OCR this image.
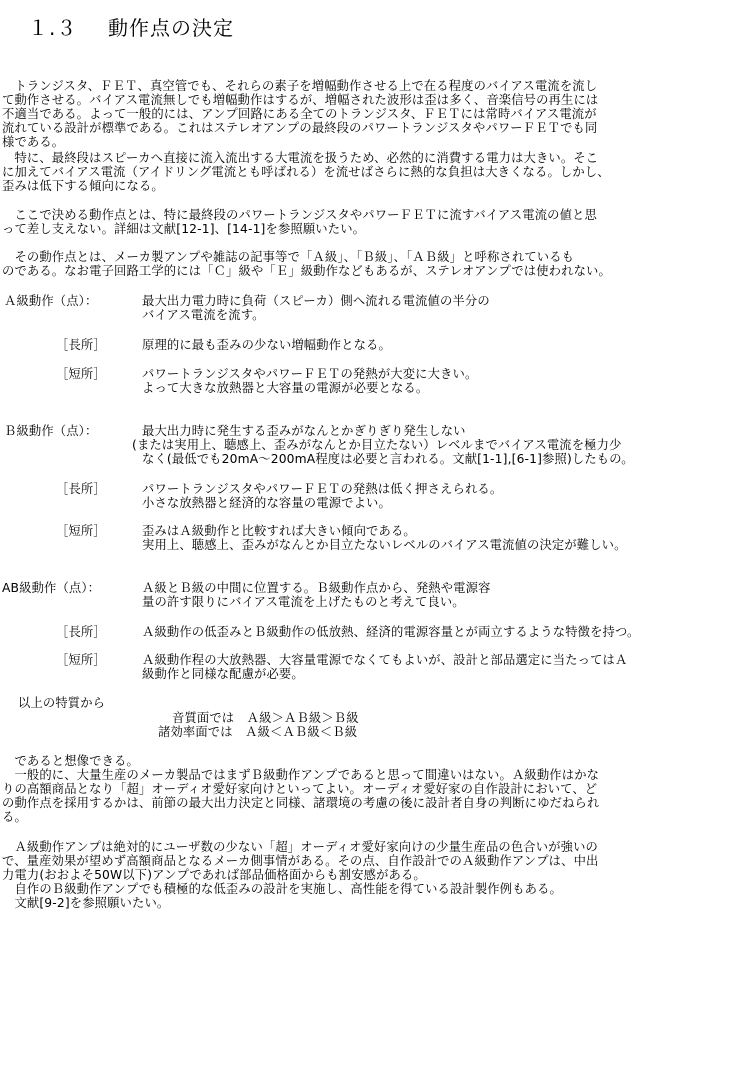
１.３ 動作点の決定
　トランジスタ、ＦＥＴ、真空管でも、それらの素子を増幅動作させる上で在る程度のバイアス電流を流し
て動作させる。バイアス電流無しでも増幅動作はするが、増幅された波形は歪は多く、音楽信号の再生には
不適当である。よって一般的には、アンプ回路にある全てのトランジスタ、ＦＥＴには常時バイアス電流が
流れている設計が標準である。これはステレオアンプの最終段のパワートランジスタやパワーＦＥＴでも同
様である。
　特に、最終段はスピーカへ直接に流入流出する大電流を扱うため、必然的に消費する電力は大きい。そこ
に加えてバイアス電流（アイドリング電流とも呼ばれる）を流せばさらに熱的な負担は大きくなる。しかし、
歪みは低下する傾向になる。
　ここで決める動作点とは、特に最終段のパワートランジスタやパワーＦＥＴに流すバイアス電流の値と思
って差し支えない。詳細は文献[12-1]、[14-1]を参照願いたい。
　その動作点とは、メーカ製アンプや雑誌の記事等で「Ａ級」、「Ｂ級」、「ＡＢ級」と呼称されているも
のである。なお電子回路工学的には「Ｃ」級や「Ｅ」級動作などもあるが、ステレオアンプでは使われない。
Ａ級動作（点）：	最大出力電力時に負荷（スピーカ）側へ流れる電流値の半分の
バイアス電流を流す。
［長所］	原理的に最も歪みの少ない増幅動作となる。
［短所］	パワートランジスタやパワーＦＥＴの発熱が大変に大きい。
よって大きな放熱器と大容量の電源が必要となる。
Ｂ級動作（点）：	最大出力時に発生する歪みがなんとかぎりぎり発生しない
(または実用上、聴感上、歪みがなんとか目立たない）レベルまでバイアス電流を極力少
なく(最低でも20mA～200mA程度は必要と言われる。文献[1-1],[6-1]参照)したもの。
［長所］	パワートランジスタやパワーＦＥＴの発熱は低く押さえられる。
小さな放熱器と経済的な容量の電源でよい。
［短所］	歪みはＡ級動作と比較すれば大きい傾向である。
実用上、聴感上、歪みがなんとか目立たないレベルのバイアス電流値の決定が難しい。
AB級動作（点）：	Ａ級とＢ級の中間に位置する。Ｂ級動作点から、発熱や電源容
量の許す限りにバイアス電流を上げたものと考えて良い。
［長所］	Ａ級動作の低歪みとＢ級動作の低放熱、経済的電源容量とが両立するような特徴を持つ。
［短所］	Ａ級動作程の大放熱器、大容量電源でなくてもよいが、設計と部品選定に当たってはＡ
級動作と同様な配慮が必要。
以上の特質から
音質面では　Ａ級＞ＡＢ級＞Ｂ級
諸効率面では　Ａ級＜ＡＢ級＜Ｂ級
　であると想像できる。
　一般的に、大量生産のメーカ製品ではまずＢ級動作アンプであると思って間違いはない。Ａ級動作はかな
りの高額商品となり「超」オーディオ愛好家向けといってよい。オーディオ愛好家の自作設計において、ど
の動作点を採用するかは、前節の最大出力決定と同様、諸環境の考慮の後に設計者自身の判断にゆだねられ
る。
　Ａ級動作アンプは絶対的にユーザ数の少ない「超」オーディオ愛好家向けの少量生産品の色合いが強いの
で、量産効果が望めず高額商品となるメーカ側事情がある。その点、自作設計でのＡ級動作アンプは、中出
力電力(おおよそ50W以下)アンプであれば部品価格面からも割安感がある。
　自作のＢ級動作アンプでも積極的な低歪みの設計を実施し、高性能を得ている設計製作例もある。
　文献[9-2]を参照願いたい。
